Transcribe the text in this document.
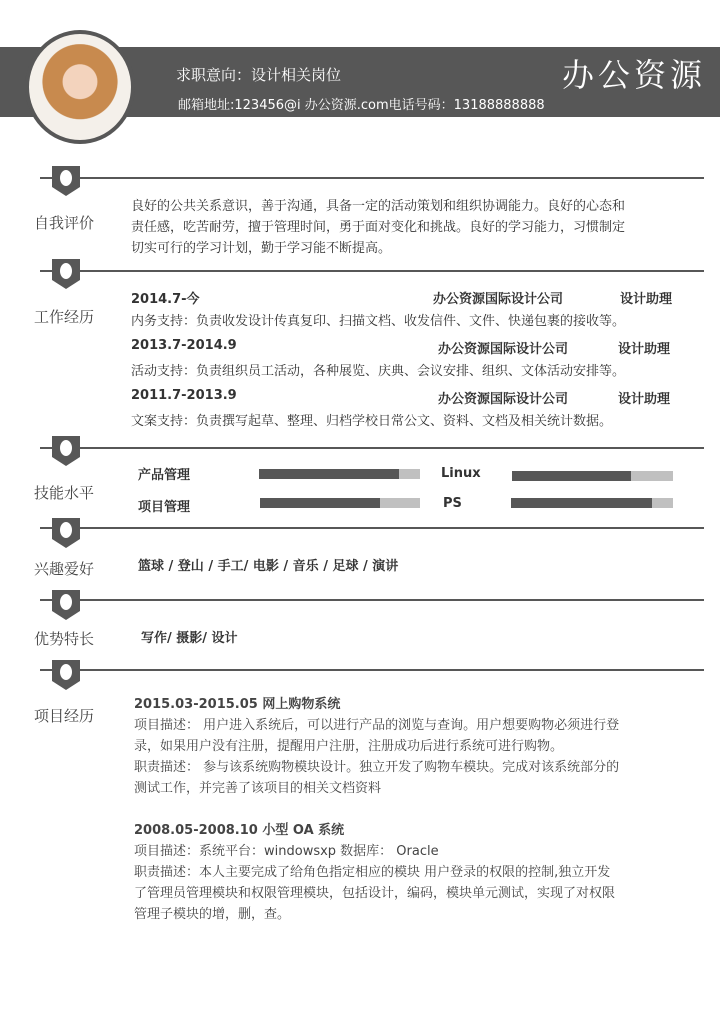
求职意向：设计相关岗位
邮箱地址:123456@i 办公资源.com电话号码：13188888888
办公资源
自我评价
良好的公共关系意识，善于沟通，具备一定的活动策划和组织协调能力。良好的心态和
责任感，吃苦耐劳，擅于管理时间，勇于面对变化和挑战。良好的学习能力，习惯制定
切实可行的学习计划，勤于学习能不断提高。
工作经历
2014.7-今	办公资源国际设计公司	设计助理
内务支持：负责收发设计传真复印、扫描文档、收发信件、文件、快递包裹的接收等。
2013.7-2014.9	办公资源国际设计公司	设计助理
活动支持：负责组织员工活动，各种展览、庆典、会议安排、组织、文体活动安排等。
2011.7-2013.9	办公资源国际设计公司	设计助理
文案支持：负责撰写起草、整理、归档学校日常公文、资料、文档及相关统计数据。
技能水平
产品管理
项目管理
Linux
PS
兴趣爱好	篮球 / 登山 / 手工/ 电影 / 音乐 / 足球 / 演讲
优势特长	写作/ 摄影/ 设计
项目经历
2015.03-2015.05 网上购物系统
项目描述： 用户进入系统后，可以进行产品的浏览与查询。用户想要购物必须进行登
录，如果用户没有注册，提醒用户注册，注册成功后进行系统可进行购物。
职责描述： 参与该系统购物模块设计。独立开发了购物车模块。完成对该系统部分的
测试工作，并完善了该项目的相关文档资料
2008.05-2008.10 小型 OA 系统
项目描述：系统平台：windowsxp 数据库： Oracle
职责描述：本人主要完成了给角色指定相应的模块 用户登录的权限的控制,独立开发
了管理员管理模块和权限管理模块，包括设计，编码，模块单元测试，实现了对权限
管理子模块的增，删，查。
